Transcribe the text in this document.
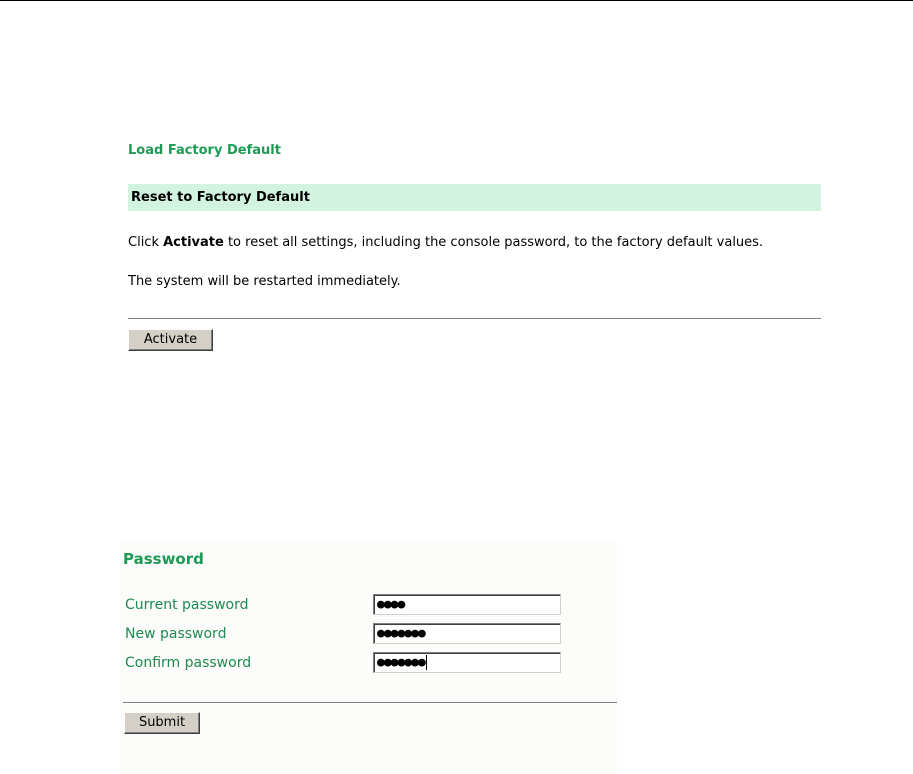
Load Factory Default
Reset to Factory Default
Click Activate to reset all settings, including the console password, to the factory default values.
The system will be restarted immediately.
Activate
Password
Current password	●●●●
New password	●●●●●●●
Confirm password	●●●●●●●
Submit
